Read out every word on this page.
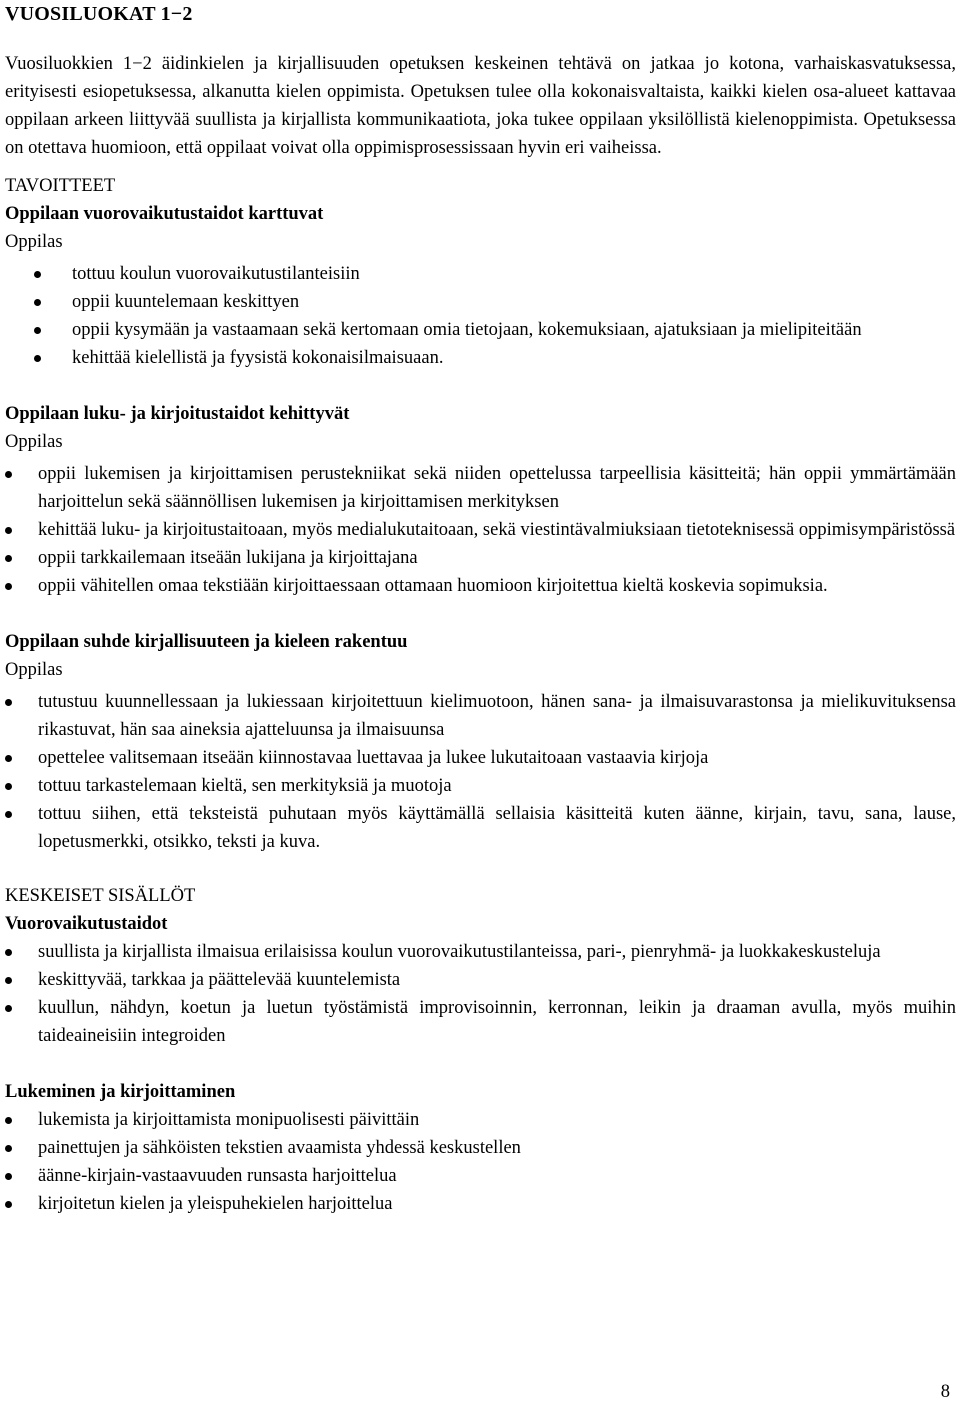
VUOSILUOKAT 1−2

Vuosiluokkien 1−2 äidinkielen ja kirjallisuuden opetuksen keskeinen tehtävä on jatkaa jo kotona, varhaiskasvatuksessa, erityisesti esiopetuksessa, alkanutta kielen oppimista. Opetuksen tulee olla kokonaisvaltaista, kaikki kielen osa-alueet kattavaa oppilaan arkeen liittyvää suullista ja kirjallista kommunikaatiota, joka tukee oppilaan yksilöllistä kielenoppimista. Opetuksessa on otettava huomioon, että oppilaat voivat olla oppimisprosessissaan hyvin eri vaiheissa.

TAVOITTEET

Oppilaan vuorovaikutustaidot karttuvat

Oppilas

tottuu koulun vuorovaikutustilanteisiin
oppii kuuntelemaan keskittyen
oppii kysymään ja vastaamaan sekä kertomaan omia tietojaan, kokemuksiaan, ajatuksiaan ja mielipiteitään
kehittää kielellistä ja fyysistä kokonaisilmaisuaan.

Oppilaan luku- ja kirjoitustaidot kehittyvät

Oppilas

oppii lukemisen ja kirjoittamisen perustekniikat sekä niiden opettelussa tarpeellisia käsitteitä; hän oppii ymmärtämään harjoittelun sekä säännöllisen lukemisen ja kirjoittamisen merkityksen
kehittää luku- ja kirjoitustaitoaan, myös medialukutaitoaan, sekä viestintävalmiuksiaan tietoteknisessä oppimisympäristössä
oppii tarkkailemaan itseään lukijana ja kirjoittajana
oppii vähitellen omaa tekstiään kirjoittaessaan ottamaan huomioon kirjoitettua kieltä koskevia sopimuksia.

Oppilaan suhde kirjallisuuteen ja kieleen rakentuu

Oppilas

tutustuu kuunnellessaan ja lukiessaan kirjoitettuun kielimuotoon, hänen sana- ja ilmaisuvarastonsa ja mielikuvituksensa rikastuvat, hän saa aineksia ajatteluunsa ja ilmaisuunsa
opettelee valitsemaan itseään kiinnostavaa luettavaa ja lukee lukutaitoaan vastaavia kirjoja
tottuu tarkastelemaan kieltä, sen merkityksiä ja muotoja
tottuu siihen, että teksteistä puhutaan myös käyttämällä sellaisia käsitteitä kuten äänne, kirjain, tavu, sana, lause, lopetusmerkki, otsikko, teksti ja kuva.

KESKEISET SISÄLLÖT

Vuorovaikutustaidot

suullista ja kirjallista ilmaisua erilaisissa koulun vuorovaikutustilanteissa, pari-, pienryhmä- ja luokkakeskusteluja
keskittyvää, tarkkaa ja päättelevää kuuntelemista
kuullun, nähdyn, koetun ja luetun työstämistä improvisoinnin, kerronnan, leikin ja draaman avulla, myös muihin taideaineisiin integroiden

Lukeminen ja kirjoittaminen

lukemista ja kirjoittamista monipuolisesti päivittäin
painettujen ja sähköisten tekstien avaamista yhdessä keskustellen
äänne-kirjain-vastaavuuden runsasta harjoittelua
kirjoitetun kielen ja yleispuhekielen harjoittelua
8
